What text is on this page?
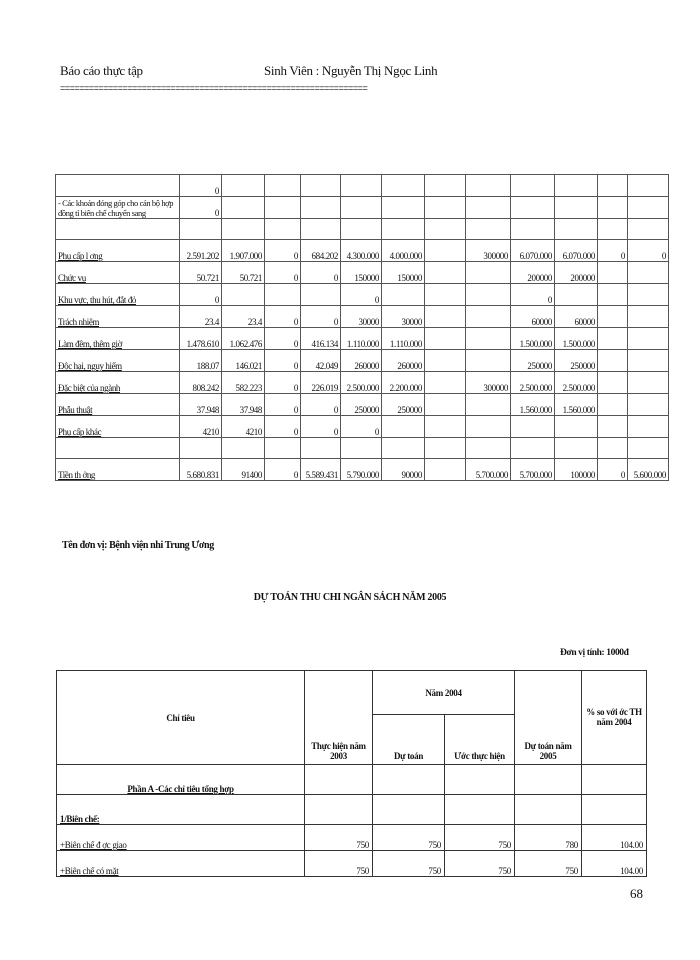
Báo cáo thực tập	Sinh Viên : Nguyễn Thị Ngọc Linh
================================================================
	0											
- Các khoản đóng góp cho cán bộ hợp đồng tỉ biên chế chuyển sang	0											

Phụ cấp l ơng	2.591.202	1.907.000	0	684.202	4.300.000	4.000.000		300000	6.070.000	6.070.000	0	0
Chức vụ	50.721	50.721	0	0	150000	150000			200000	200000		
Khu vực, thu hút, đắt đỏ	0				0				0			
Trách nhiệm	23.4	23.4	0	0	30000	30000			60000	60000		
Làm đêm, thêm giờ	1.478.610	1.062.476	0	416.134	1.110.000	1.110.000			1.500.000	1.500.000		
Độc hại, nguy hiểm	188.07	146.021	0	42.049	260000	260000			250000	250000		
Đặc biệt của ngành	808.242	582.223	0	226.019	2.500.000	2.200.000		300000	2.500.000	2.500.000		
Phẫu thuật	37.948	37.948	0	0	250000	250000			1.560.000	1.560.000		
Phụ cấp khác	4210	4210	0	0	0							

Tiền th ởng	5.680.831	91400	0	5.589.431	5.790.000	90000		5.700.000	5.700.000	100000	0	5.600.000
Tên đơn vị: Bệnh viện nhi Trung Ương
DỰ TOÁN THU CHI NGÂN SÁCH NĂM 2005
Đơn vị tính: 1000đ
Chỉ tiêu	Thực hiện năm 2003	Năm 2004		Dự toán năm 2005	% so với ớc TH năm 2004
		Dự toán	Ước thực hiện		
Phần A -Các chỉ tiêu tổng hợp					
1/Biên chế:					
+Biên chế đ ợc giao	750	750	750	780	104.00
+Biên chế có mặt	750	750	750	750	104.00
68
